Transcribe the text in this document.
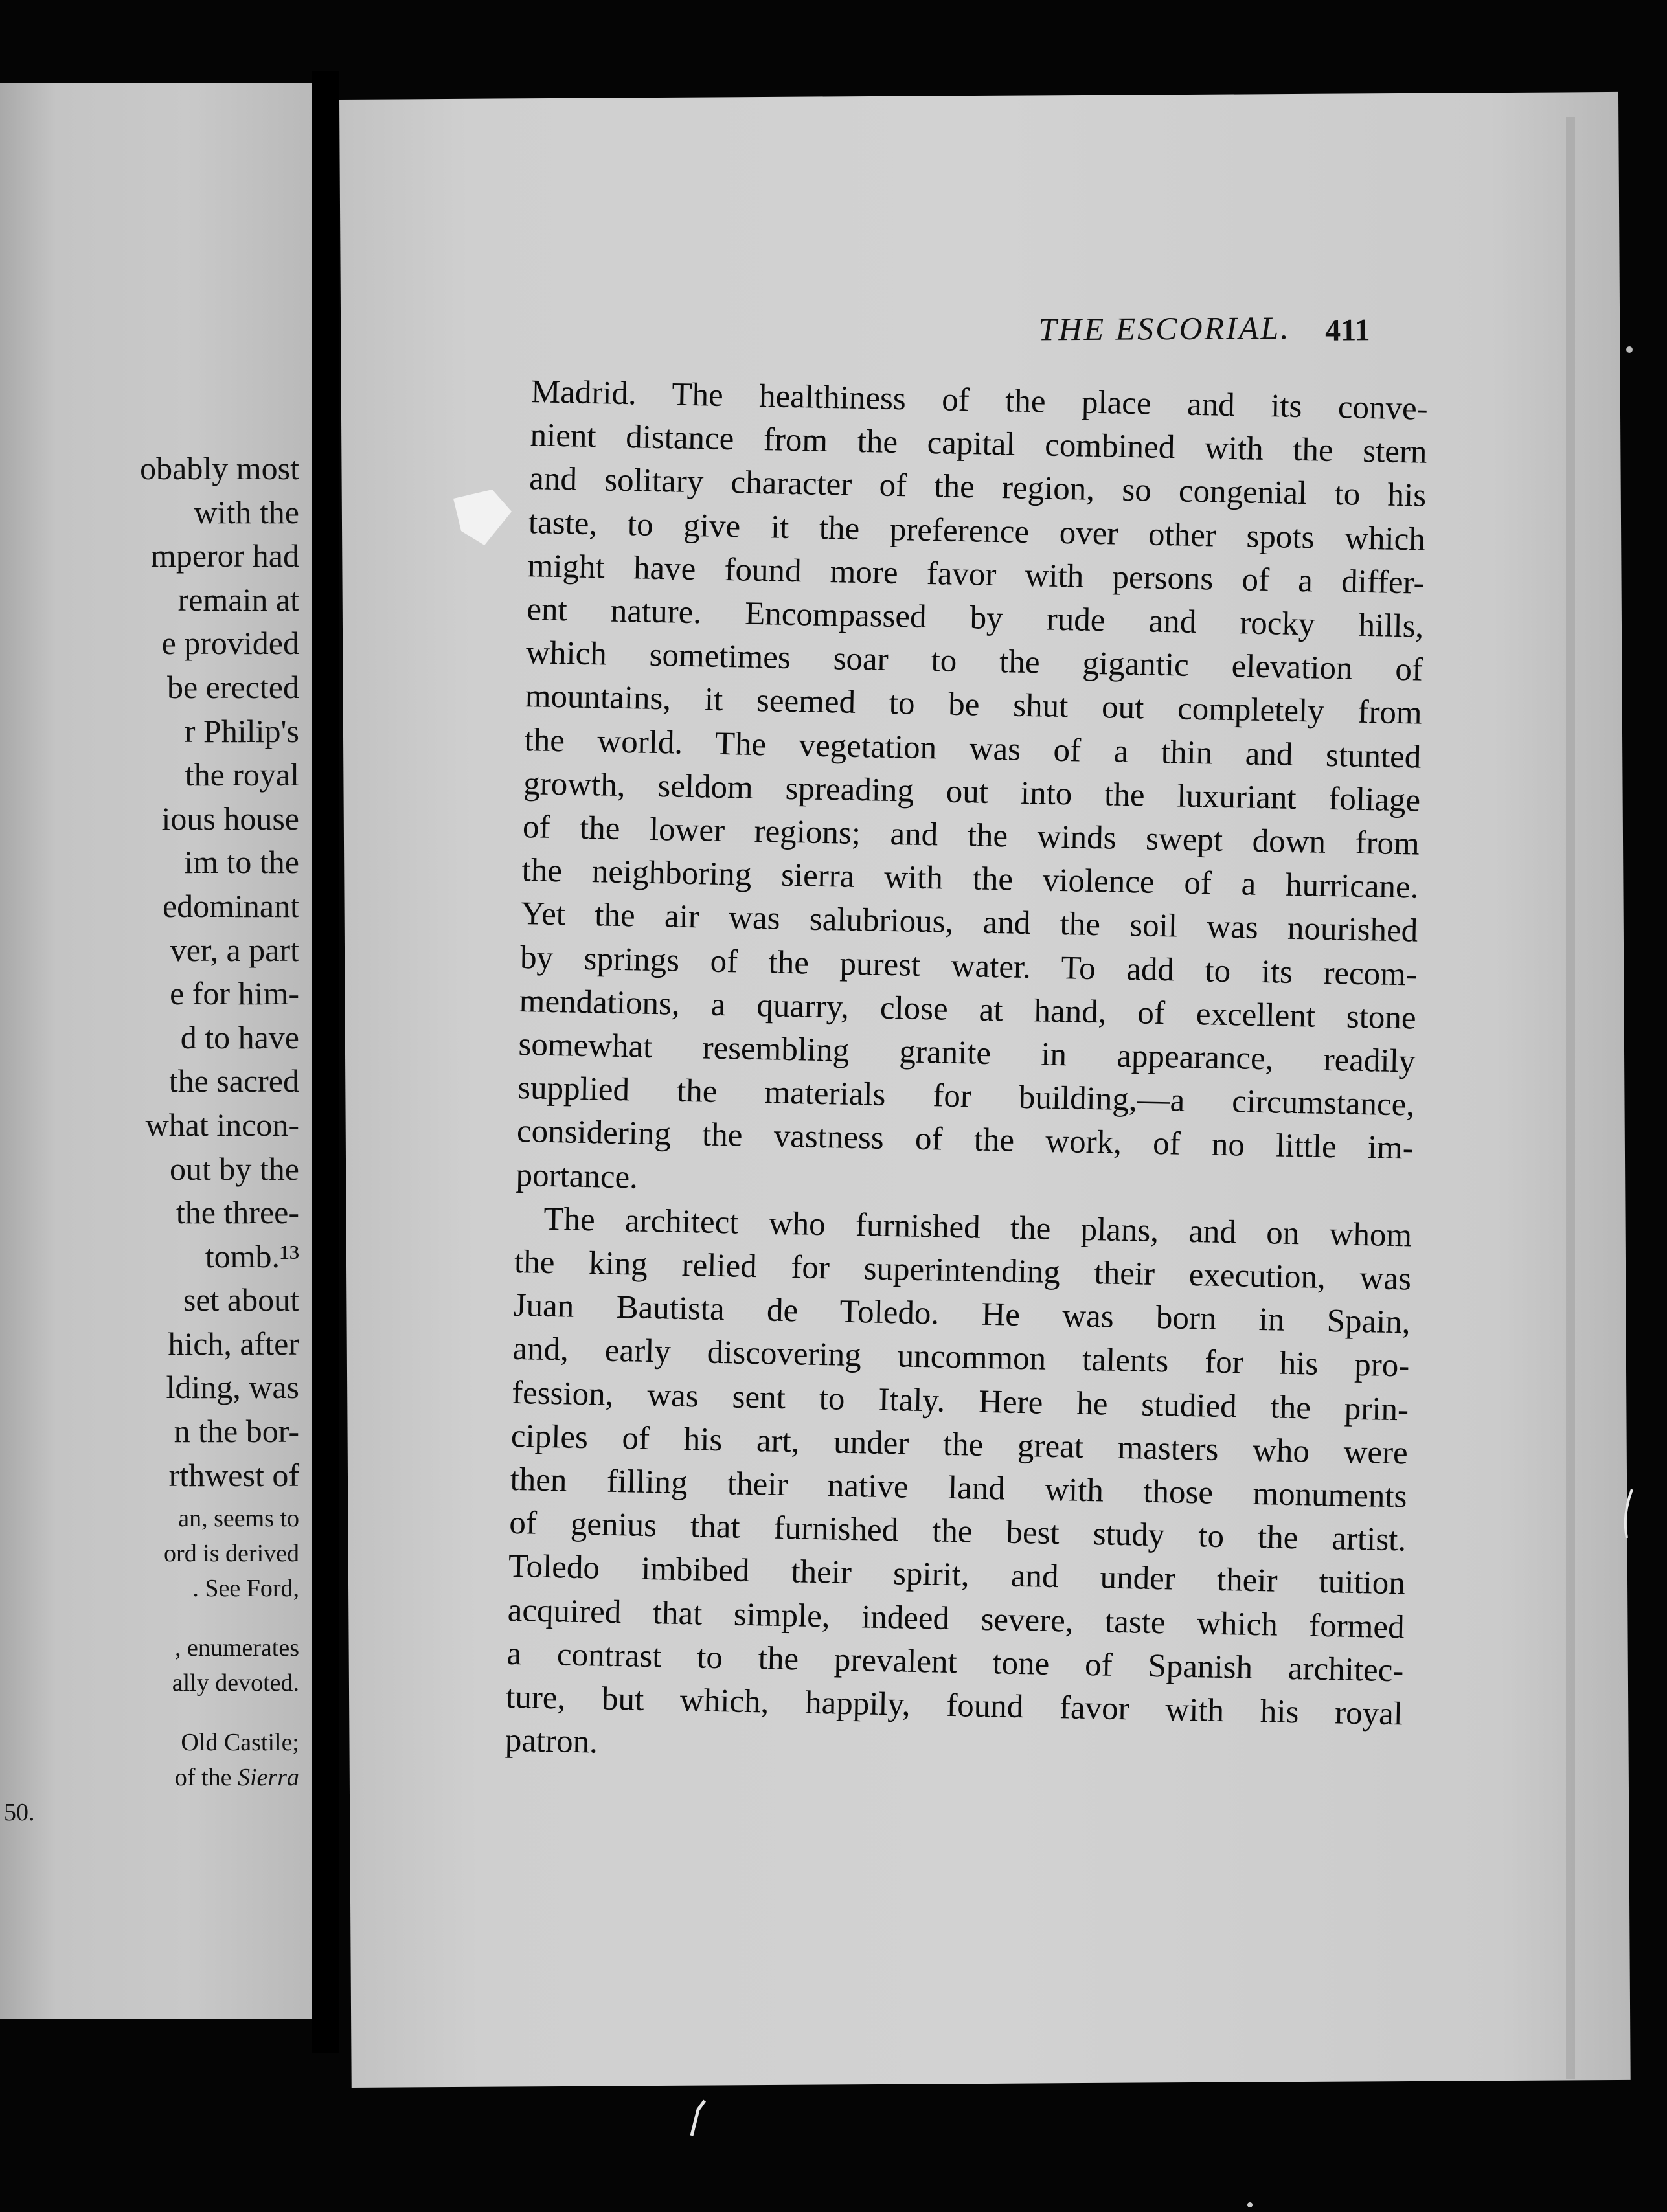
obably most
with the
mperor had
remain at
e provided
be erected
r Philip's
the royal
ious house
im to the
edominant
ver, a part
e for him-
d to have
the sacred
what incon-
out by the
the three-
tomb.¹³
set about
hich, after
lding, was
n the bor-
rthwest of
an, seems to
ord is derived
. See Ford,
, enumerates
ally devoted.
Old Castile;
of the Sierra
50.
THE ESCORIAL.	411
Madrid. The healthiness of the place and its conve-
nient distance from the capital combined with the stern
and solitary character of the region, so congenial to his
taste, to give it the preference over other spots which
might have found more favor with persons of a differ-
ent nature. Encompassed by rude and rocky hills,
which sometimes soar to the gigantic elevation of
mountains, it seemed to be shut out completely from
the world. The vegetation was of a thin and stunted
growth, seldom spreading out into the luxuriant foliage
of the lower regions; and the winds swept down from
the neighboring sierra with the violence of a hurricane.
Yet the air was salubrious, and the soil was nourished
by springs of the purest water. To add to its recom-
mendations, a quarry, close at hand, of excellent stone
somewhat resembling granite in appearance, readily
supplied the materials for building,—a circumstance,
considering the vastness of the work, of no little im-
portance.
The architect who furnished the plans, and on whom
the king relied for superintending their execution, was
Juan Bautista de Toledo. He was born in Spain,
and, early discovering uncommon talents for his pro-
fession, was sent to Italy. Here he studied the prin-
ciples of his art, under the great masters who were
then filling their native land with those monuments
of genius that furnished the best study to the artist.
Toledo imbibed their spirit, and under their tuition
acquired that simple, indeed severe, taste which formed
a contrast to the prevalent tone of Spanish architec-
ture, but which, happily, found favor with his royal
patron.
